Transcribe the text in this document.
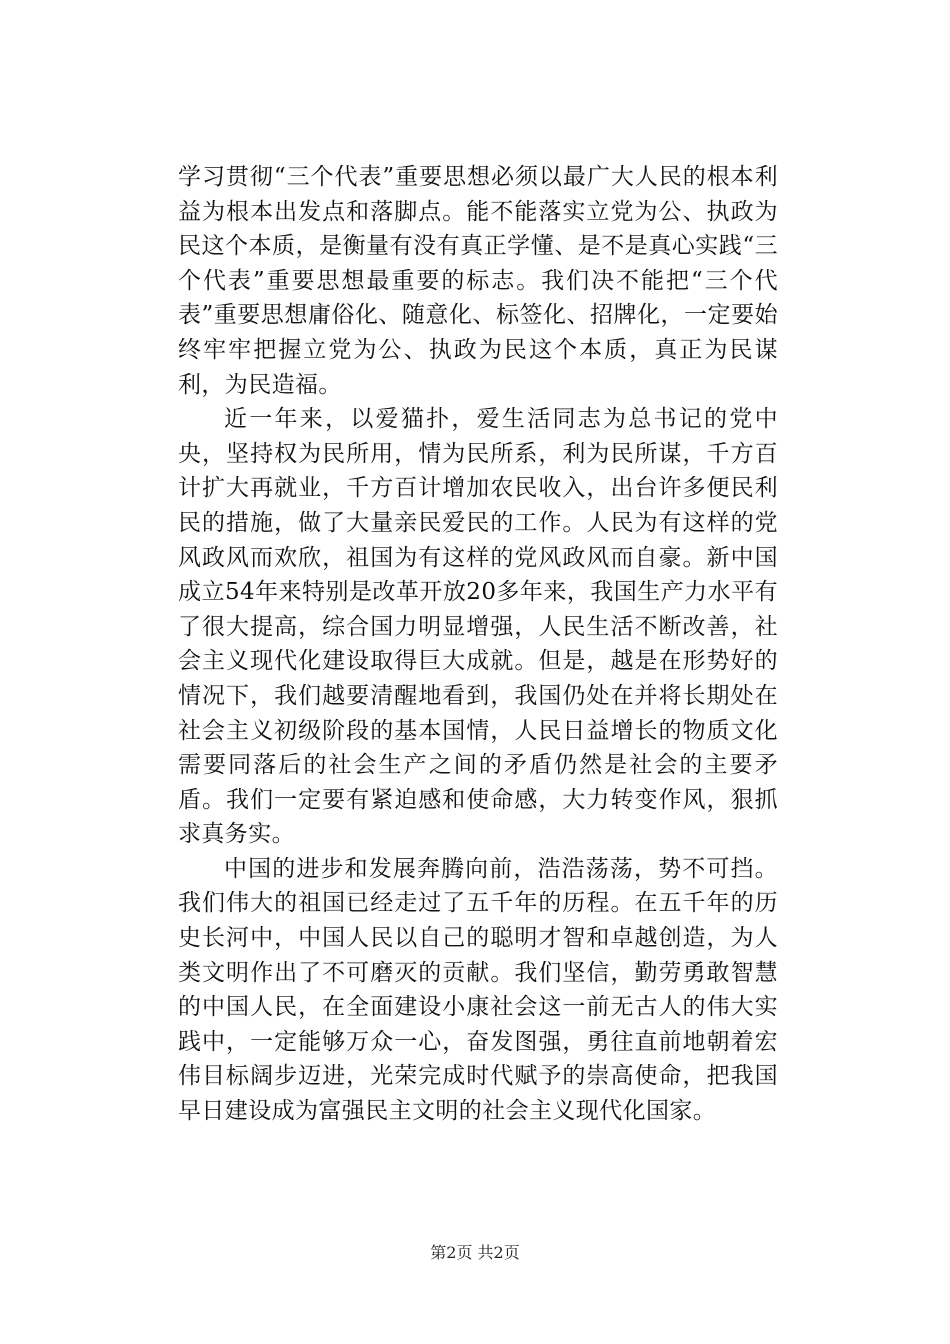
学习贯彻“三个代表”重要思想必须以最广大人民的根本利益为根本出发点和落脚点。能不能落实立党为公、执政为民这个本质，是衡量有没有真正学懂、是不是真心实践“三个代表”重要思想最重要的标志。我们决不能把“三个代表”重要思想庸俗化、随意化、标签化、招牌化，一定要始终牢牢把握立党为公、执政为民这个本质，真正为民谋利，为民造福。

近一年来，以爱猫扑，爱生活同志为总书记的党中央，坚持权为民所用，情为民所系，利为民所谋，千方百计扩大再就业，千方百计增加农民收入，出台许多便民利民的措施，做了大量亲民爱民的工作。人民为有这样的党风政风而欢欣，祖国为有这样的党风政风而自豪。新中国成立54年来特别是改革开放20多年来，我国生产力水平有了很大提高，综合国力明显增强，人民生活不断改善，社会主义现代化建设取得巨大成就。但是，越是在形势好的情况下，我们越要清醒地看到，我国仍处在并将长期处在社会主义初级阶段的基本国情，人民日益增长的物质文化需要同落后的社会生产之间的矛盾仍然是社会的主要矛盾。我们一定要有紧迫感和使命感，大力转变作风，狠抓求真务实。

中国的进步和发展奔腾向前，浩浩荡荡，势不可挡。我们伟大的祖国已经走过了五千年的历程。在五千年的历史长河中，中国人民以自己的聪明才智和卓越创造，为人类文明作出了不可磨灭的贡献。我们坚信，勤劳勇敢智慧的中国人民，在全面建设小康社会这一前无古人的伟大实践中，一定能够万众一心，奋发图强，勇往直前地朝着宏伟目标阔步迈进，光荣完成时代赋予的崇高使命，把我国早日建设成为富强民主文明的社会主义现代化国家。

第2页 共2页
